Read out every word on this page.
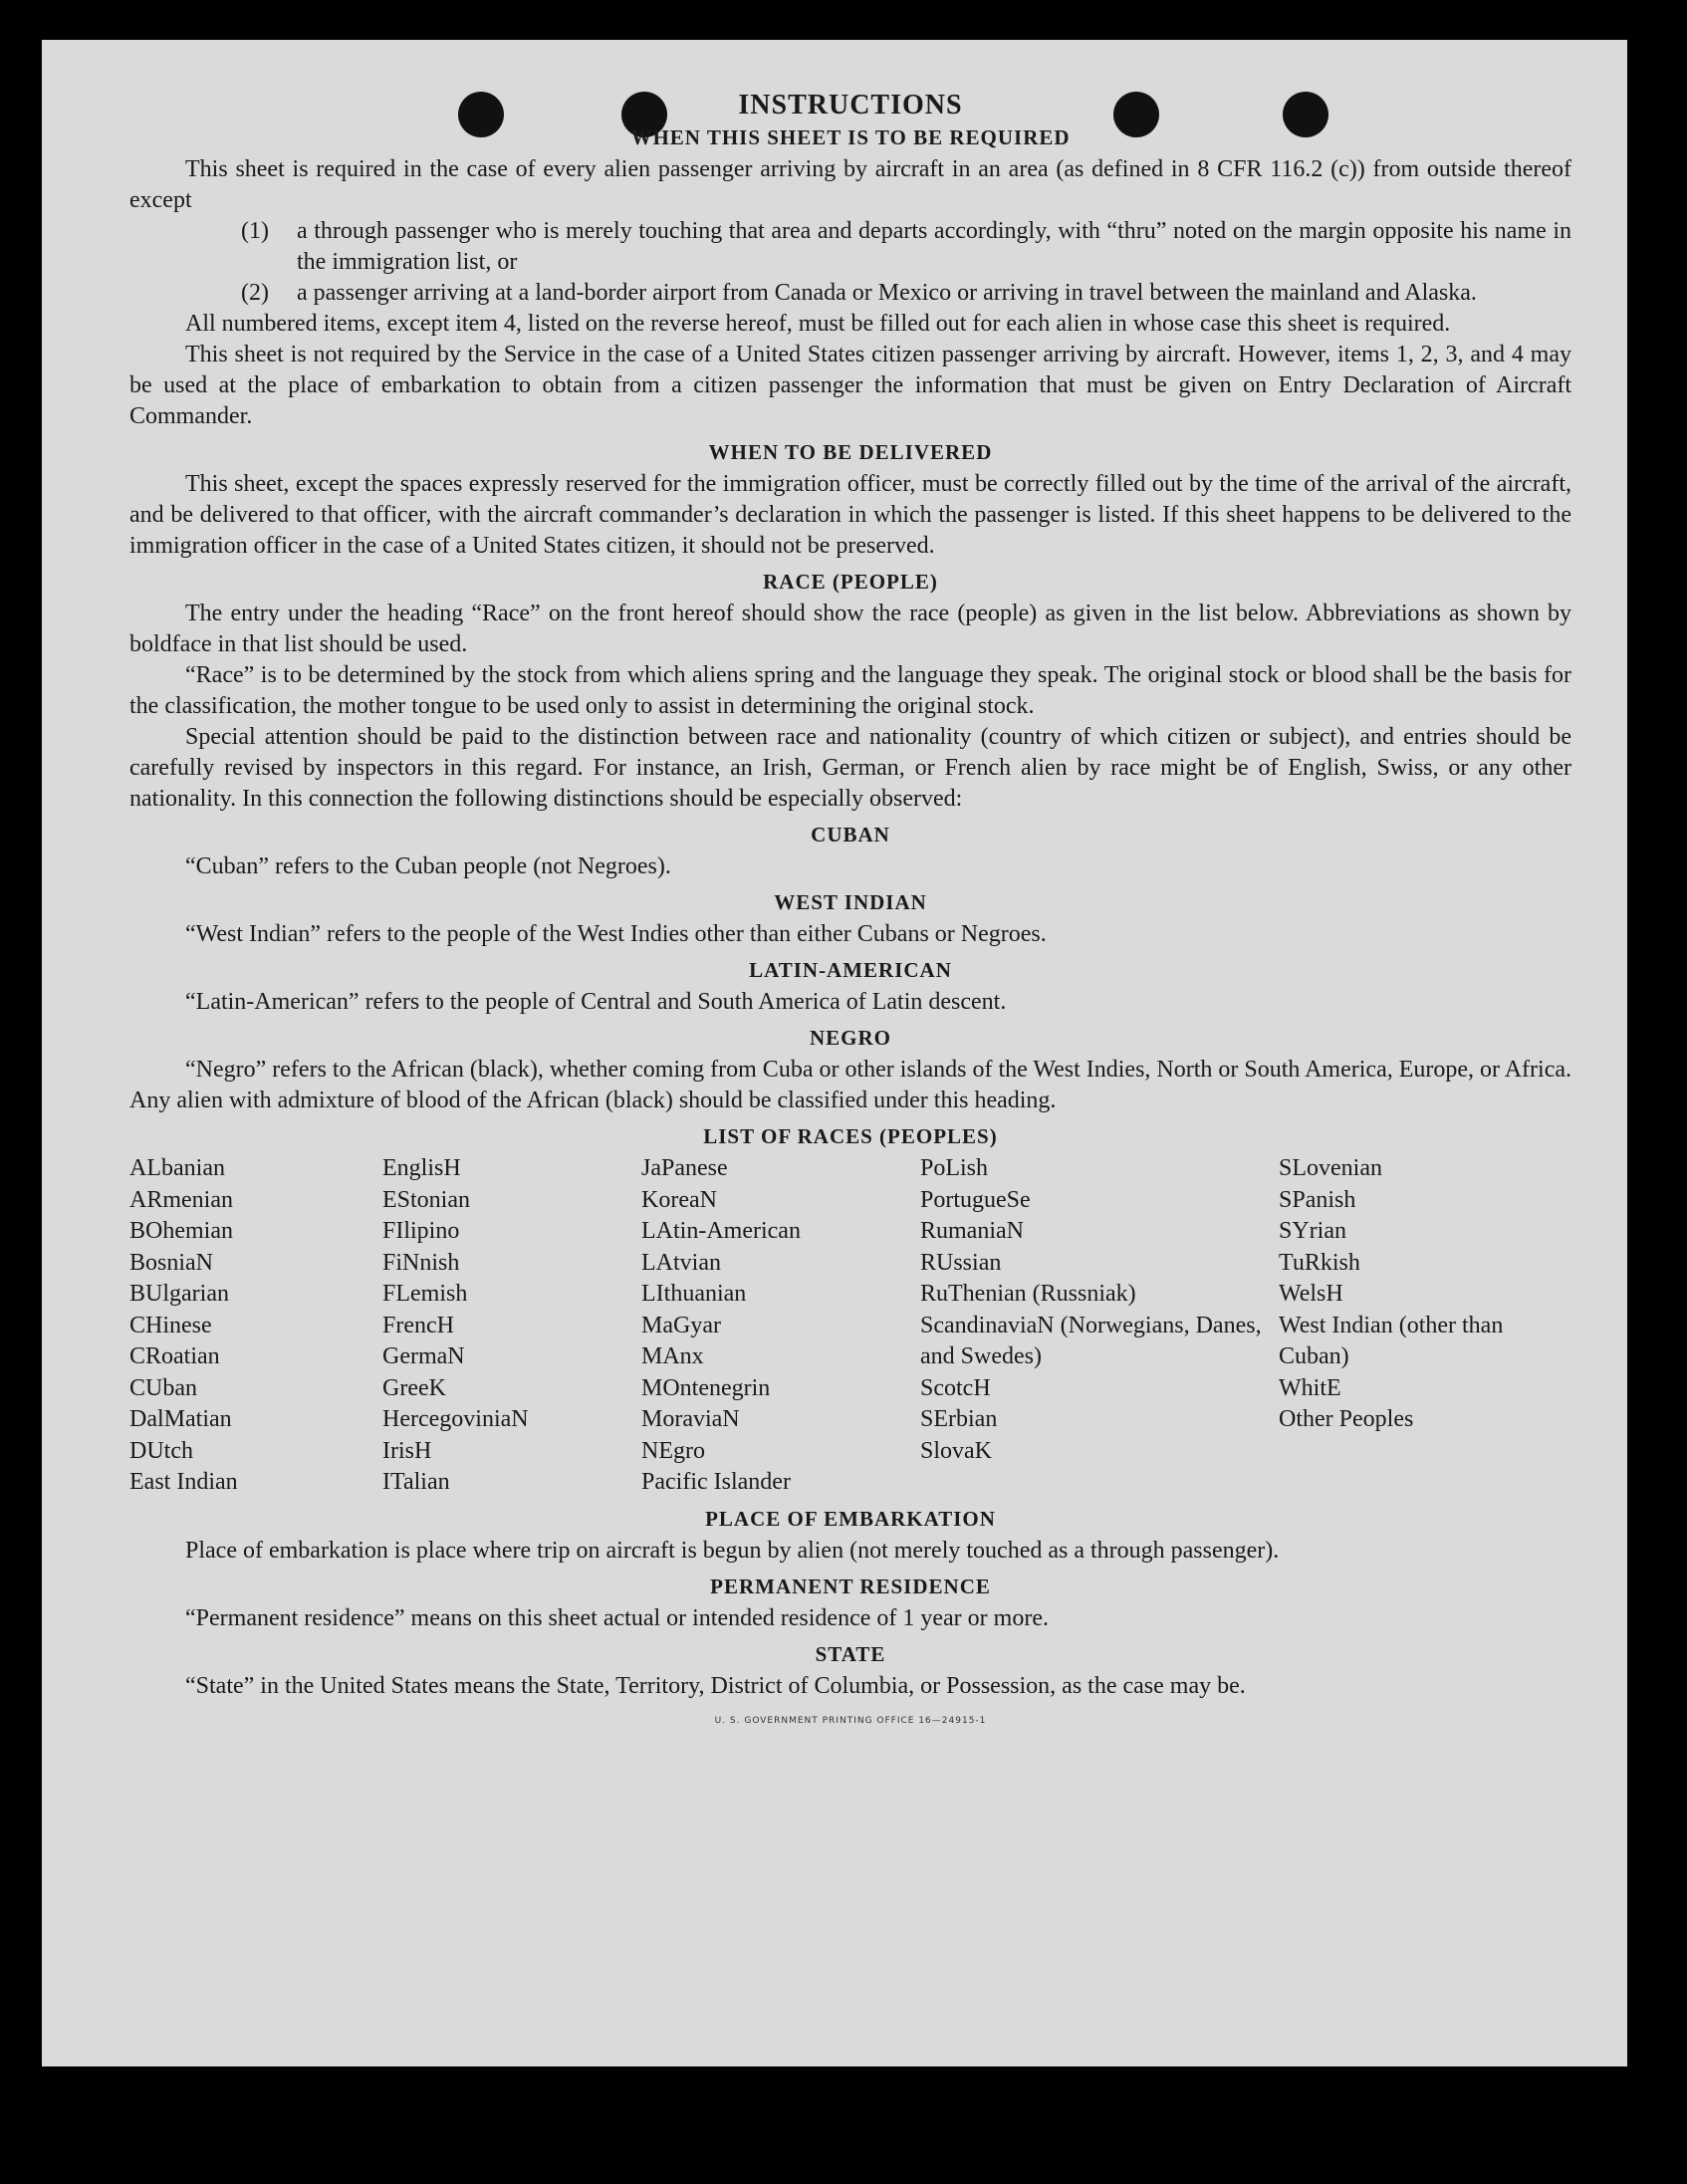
INSTRUCTIONS
WHEN THIS SHEET IS TO BE REQUIRED

This sheet is required in the case of every alien passenger arriving by aircraft in an area (as defined in 8 CFR 116.2 (c)) from outside thereof except

(1)	a through passenger who is merely touching that area and departs accordingly, with “thru” noted on the margin opposite his name in the immigration list, or
(2)	a passenger arriving at a land-border airport from Canada or Mexico or arriving in travel between the mainland and Alaska.

All numbered items, except item 4, listed on the reverse hereof, must be filled out for each alien in whose case this sheet is required.

This sheet is not required by the Service in the case of a United States citizen passenger arriving by aircraft. However, items 1, 2, 3, and 4 may be used at the place of embarkation to obtain from a citizen passenger the information that must be given on Entry Declaration of Aircraft Commander.

WHEN TO BE DELIVERED

This sheet, except the spaces expressly reserved for the immigration officer, must be correctly filled out by the time of the arrival of the aircraft, and be delivered to that officer, with the aircraft commander’s declaration in which the passenger is listed. If this sheet happens to be delivered to the immigration officer in the case of a United States citizen, it should not be preserved.

RACE (PEOPLE)

The entry under the heading “Race” on the front hereof should show the race (people) as given in the list below. Abbreviations as shown by boldface in that list should be used.

“Race” is to be determined by the stock from which aliens spring and the language they speak. The original stock or blood shall be the basis for the classification, the mother tongue to be used only to assist in determining the original stock.

Special attention should be paid to the distinction between race and nationality (country of which citizen or subject), and entries should be carefully revised by inspectors in this regard. For instance, an Irish, German, or French alien by race might be of English, Swiss, or any other nationality. In this connection the following distinctions should be especially observed:

CUBAN

“Cuban” refers to the Cuban people (not Negroes).

WEST INDIAN

“West Indian” refers to the people of the West Indies other than either Cubans or Negroes.

LATIN-AMERICAN

“Latin-American” refers to the people of Central and South America of Latin descent.

NEGRO

“Negro” refers to the African (black), whether coming from Cuba or other islands of the West Indies, North or South America, Europe, or Africa. Any alien with admixture of blood of the African (black) should be classified under this heading.

LIST OF RACES (PEOPLES)
ALbanian
ARmenian
BOhemian
BosniaN
BUlgarian
CHinese
CRoatian
CUban
DalMatian
DUtch
East Indian
EnglisH
EStonian
FIlipino
FiNnish
FLemish
FrencH
GermaN
GreeK
HercegoviniaN
IrisH
ITalian
JaPanese
KoreaN
LAtin-American
LAtvian
LIthuanian
MaGyar
MAnx
MOntenegrin
MoraviaN
NEgro
Pacific Islander
PoLish
PortugueSe
RumaniaN
RUssian
RuThenian (Russniak)
ScandinaviaN (Norwegians, Danes, and Swedes)
ScotcH
SErbian
SlovaK
SLovenian
SPanish
SYrian
TuRkish
WelsH
West Indian (other than Cuban)
WhitE
Other Peoples
PLACE OF EMBARKATION

Place of embarkation is place where trip on aircraft is begun by alien (not merely touched as a through passenger).

PERMANENT RESIDENCE

“Permanent residence” means on this sheet actual or intended residence of 1 year or more.

STATE

“State” in the United States means the State, Territory, District of Columbia, or Possession, as the case may be.

U. S. GOVERNMENT PRINTING OFFICE 16—24915-1
